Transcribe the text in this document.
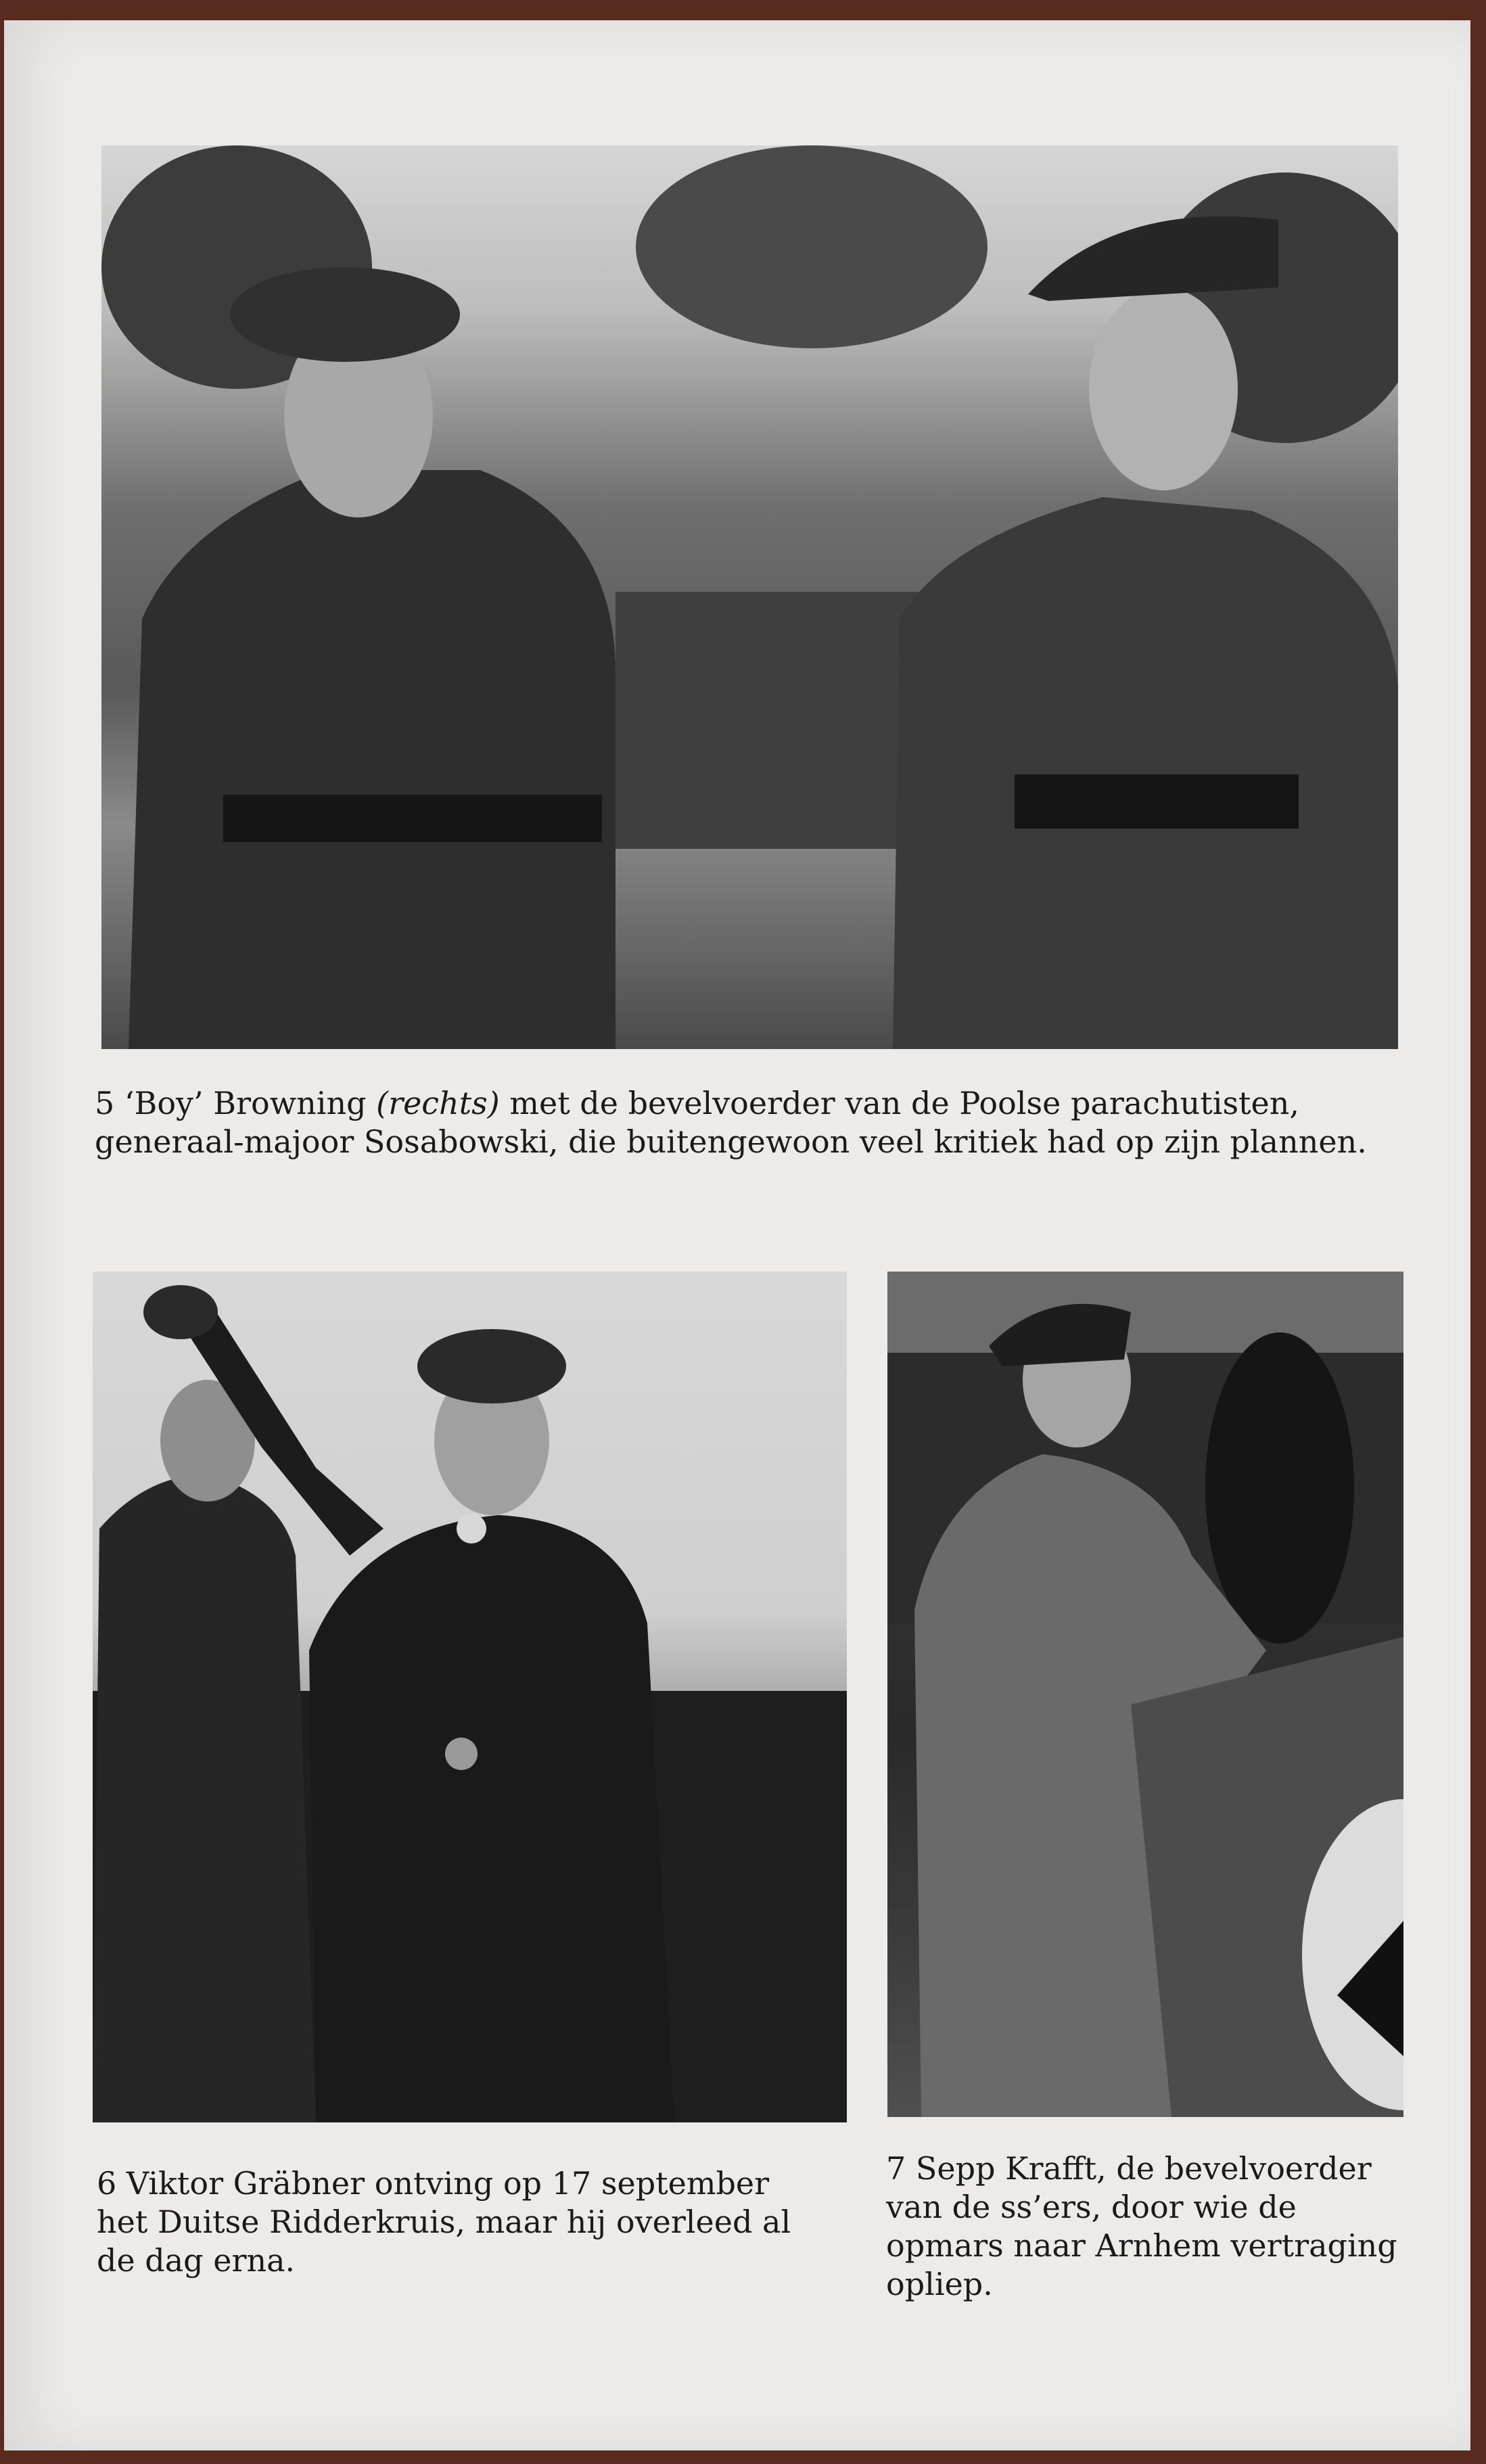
5 ‘Boy’ Browning (rechts) met de bevelvoerder van de Poolse parachutisten, generaal-majoor Sosabowski, die buitengewoon veel kritiek had op zijn plannen.
6 Viktor Gräbner ontving op 17 september het Duitse Ridderkruis, maar hij overleed al de dag erna.
7 Sepp Krafft, de bevelvoerder van de ss’ers, door wie de opmars naar Arnhem vertraging opliep.
